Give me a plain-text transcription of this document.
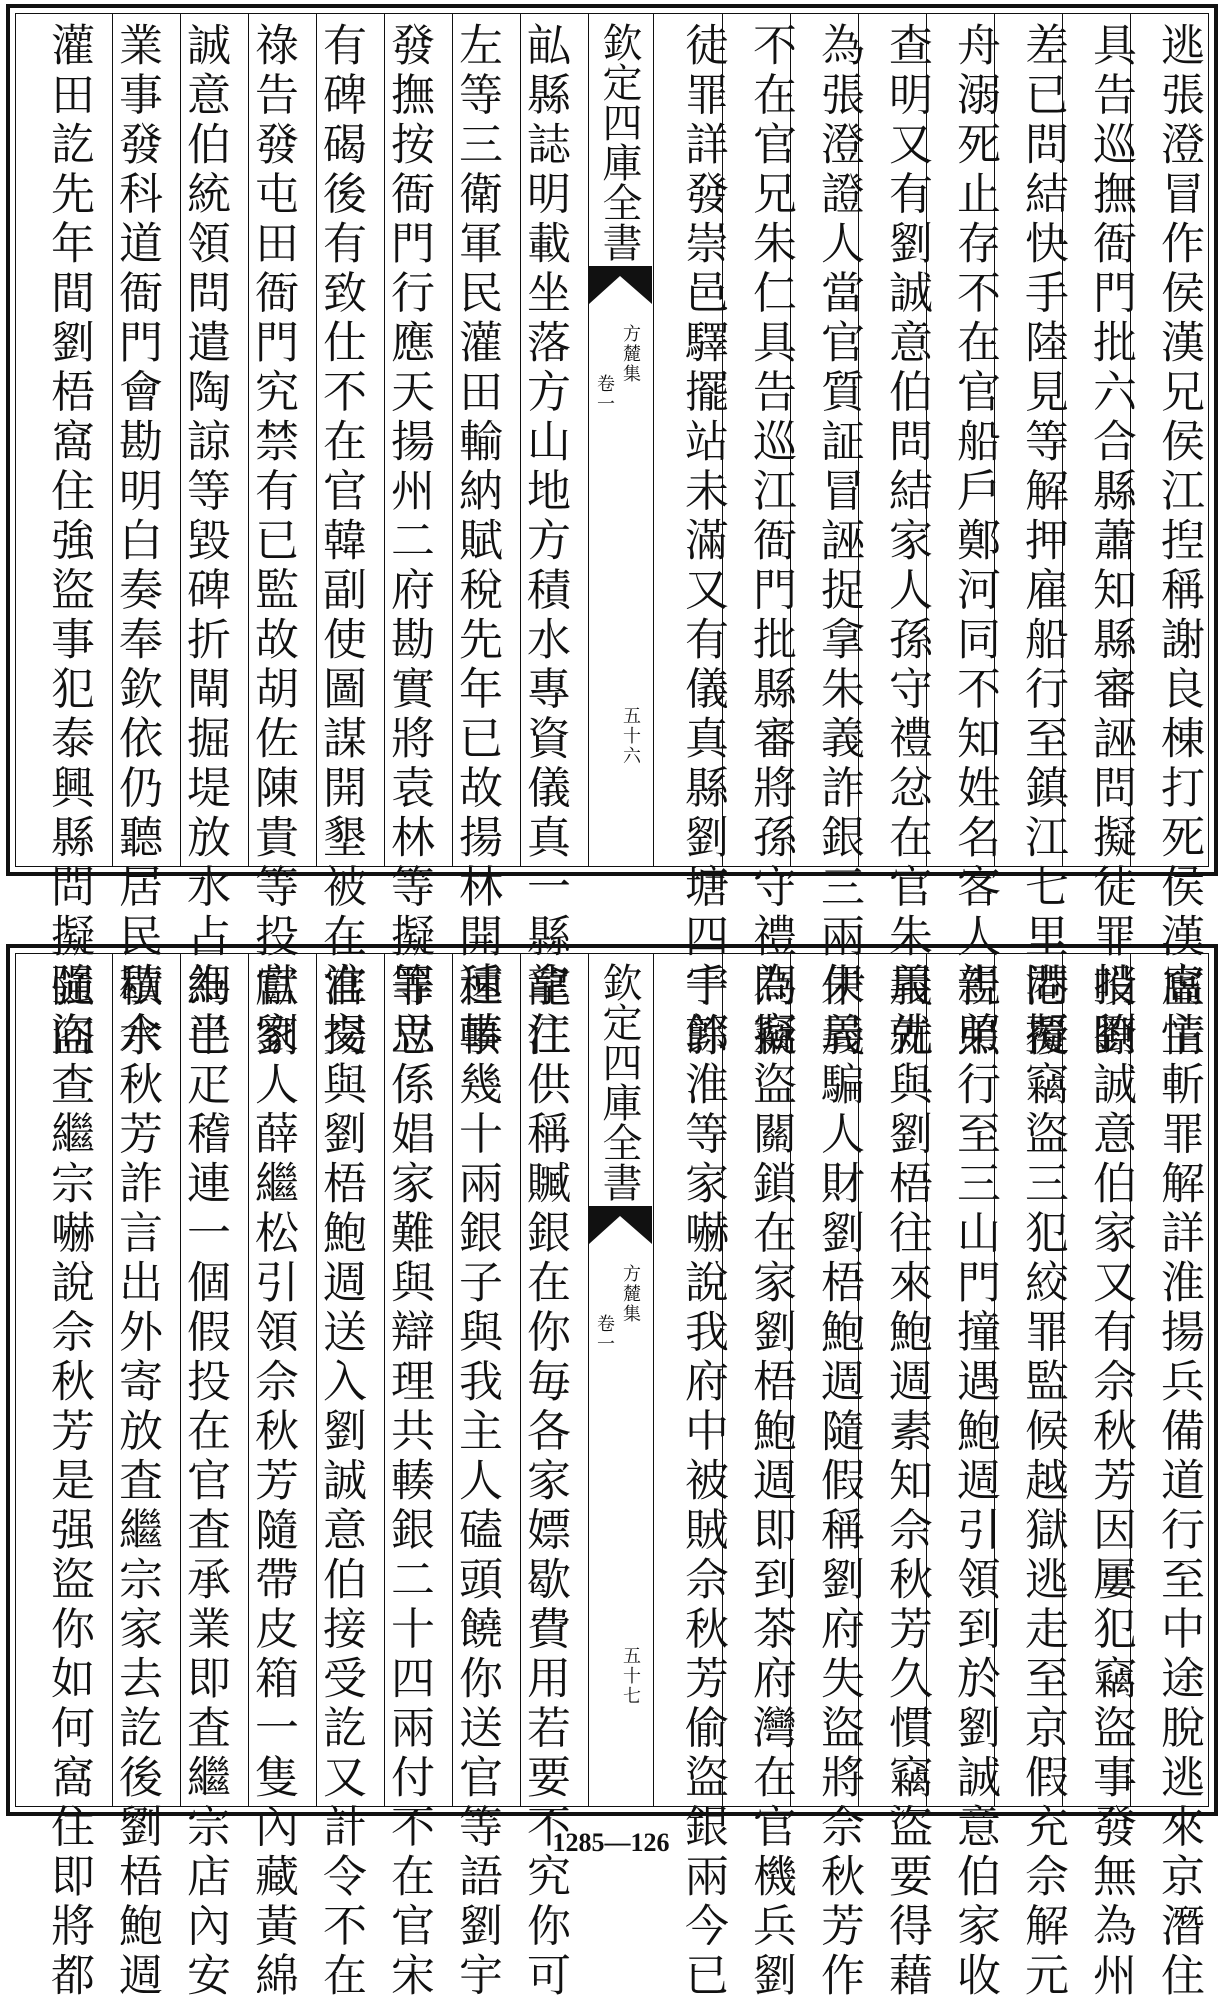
逃張澄冒作侯漢兄侯江揑稱謝良棟打死侯漢虛情
具告巡撫衙門批六合縣蕭知縣審誣問擬徒罪哨瞭
差已問結快手陸見等解押雇船行至鎮江七里港覆
舟溺死止存不在官船戶鄭河同不知姓名客人告照
查明又有劉誠意伯問結家人孫守禮忿在官朱義先
為張澄證人當官質証冒誣捉拿朱義詐銀三兩朱義
不在官兄朱仁具告巡江衙門批縣審將孫守禮問擬
徒罪詳發崇邑驛擺站未滿又有儀真縣劉塘四千餘
欽定四庫全書
方麓集
卷一
五十六
畆縣誌明載坐落方山地方積水專資儀真一縣龍江
左等三衛軍民灌田輸納賦稅先年已故揚林開種事
發撫按衙門行應天揚州二府勘實將袁林等擬罪立
有碑碣後有致仕不在官韓副使圖謀開墾被在官揚
祿告發屯田衙門究禁有已監故胡佐陳貴等投獻劉
誠意伯統領問遣陶諒等毀碑折閘掘堤放水占為已
業事發科道衙門會勘明白奏奉欽依仍聽居民積水
灌田訖先年間劉梧窩住強盜事犯泰興縣問擬强盜
窩主斬罪解詳淮揚兵備道行至中途脫逃來京潛住
投劉誠意伯家又有佘秋芳因屢犯竊盜事發無為州
問擬竊盜三犯絞罪監候越獄逃走至京假充佘解元
親弟行至三山門撞遇鮑週引領到於劉誠意伯家收
用就與劉梧往來鮑週素知佘秋芳久慣竊盜要得藉
伊局騙人財劉梧鮑週隨假稱劉府失盜將佘秋芳作
為竊盜關鎖在家劉梧鮑週即到茶府灣在官機兵劉
宇郭淮等家嚇說我府中被賊佘秋芳偷盜銀兩今已
欽定四庫全書
方麓集
卷一
五十七
拿住供稱贓銀在你毎各家嫖歇費用若要不究你可
速輳幾十兩銀子與我主人磕頭饒你送官等語劉宇
等思係娼家難與辯理共輳銀二十四兩付不在官宋
淮交與劉梧鮑週送入劉誠意伯接受訖又計令不在
官家人薛繼松引領佘秋芳隨帶皮箱一隻內藏黃綿
細半疋稽連一個假投在官査承業即査繼宗店內安
歇佘秋芳詐言出外寄放査繼宗家去訖後劉梧鮑週
隨向查繼宗嚇說佘秋芳是强盜你如何窩住即將都	1285—126
